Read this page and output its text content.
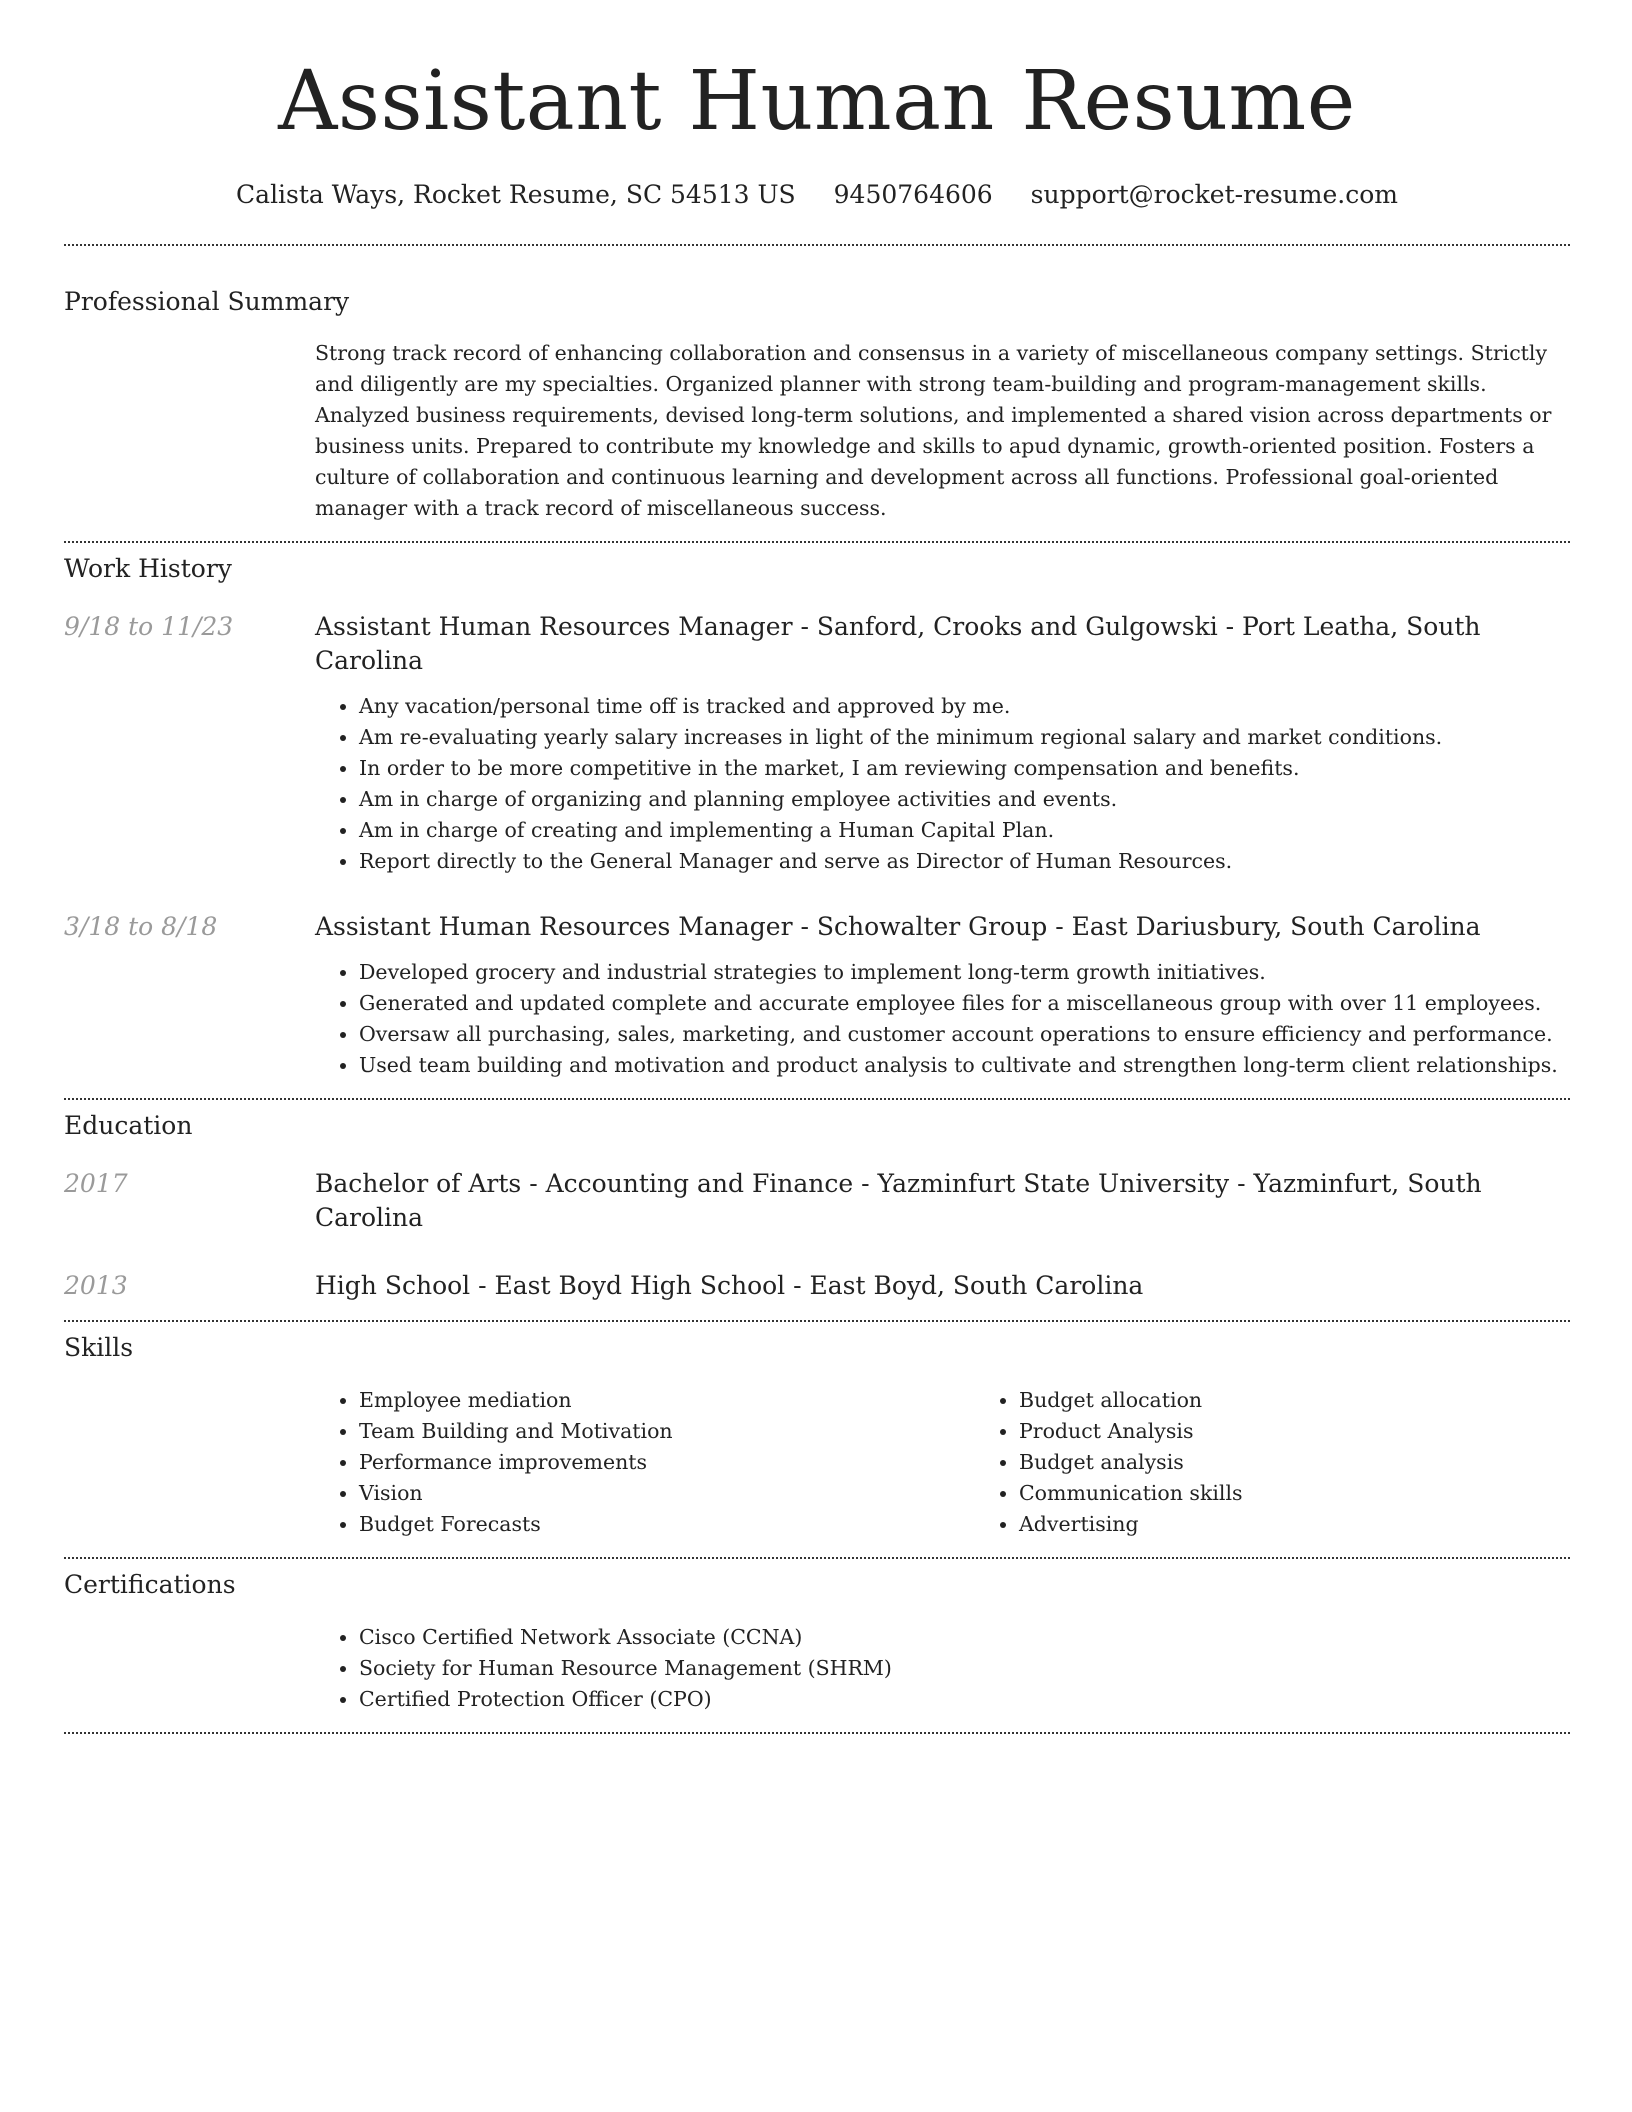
Assistant Human Resume
Calista Ways, Rocket Resume, SC 54513 US 9450764606 support@rocket-resume.com
Professional Summary

Strong track record of enhancing collaboration and consensus in a variety of miscellaneous company settings. Strictly and diligently are my specialties. Organized planner with strong team-building and program-management skills. Analyzed business requirements, devised long-term solutions, and implemented a shared vision across departments or business units. Prepared to contribute my knowledge and skills to apud dynamic, growth-oriented position. Fosters a culture of collaboration and continuous learning and development across all functions. Professional goal-oriented manager with a track record of miscellaneous success.

Work History
9/18 to 11/23	Assistant Human Resources Manager - Sanford, Crooks and Gulgowski - Port Leatha, South Carolina
• Any vacation/personal time off is tracked and approved by me.
• Am re-evaluating yearly salary increases in light of the minimum regional salary and market conditions.
• In order to be more competitive in the market, I am reviewing compensation and benefits.
• Am in charge of organizing and planning employee activities and events.
• Am in charge of creating and implementing a Human Capital Plan.
• Report directly to the General Manager and serve as Director of Human Resources.
3/18 to 8/18	Assistant Human Resources Manager - Schowalter Group - East Dariusbury, South Carolina
• Developed grocery and industrial strategies to implement long-term growth initiatives.
• Generated and updated complete and accurate employee files for a miscellaneous group with over 11 employees.
• Oversaw all purchasing, sales, marketing, and customer account operations to ensure efficiency and performance.
• Used team building and motivation and product analysis to cultivate and strengthen long-term client relationships.
Education
2017	Bachelor of Arts - Accounting and Finance - Yazminfurt State University - Yazminfurt, South Carolina
2013	High School - East Boyd High School - East Boyd, South Carolina
Skills
• Employee mediation
• Team Building and Motivation
• Performance improvements
• Vision
• Budget Forecasts
• Budget allocation
• Product Analysis
• Budget analysis
• Communication skills
• Advertising
Certifications
• Cisco Certified Network Associate (CCNA)
• Society for Human Resource Management (SHRM)
• Certified Protection Officer (CPO)
